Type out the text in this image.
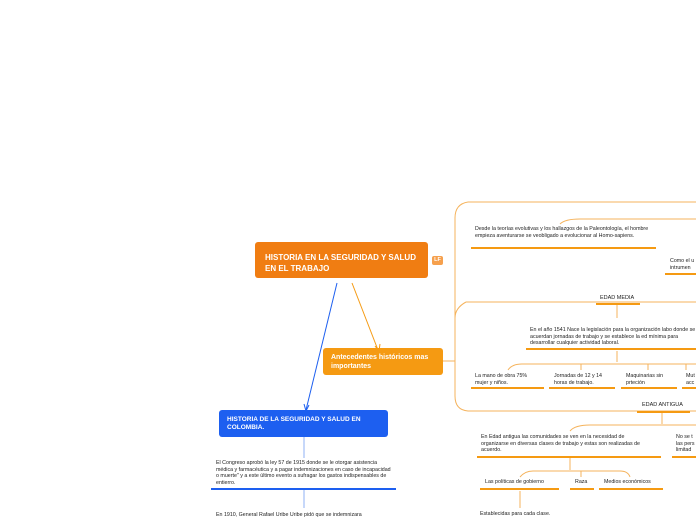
HISTORIA EN LA SEGURIDAD Y SALUD EN EL TRABAJO
LF
Antecedentes históricos mas importantes
HISTORIA DE LA SEGURIDAD Y SALUD EN COLOMBIA.
El Congreso aprobó la ley 57 de 1915 donde se le otorgar asistencia médica y farmacéutica y a pagar indemnizaciones en caso de incapacidad o muerte" y a este último evento a sufragar los gastos indispensables de entierro.
En 1910, General Rafael Uribe Uribe pidó que se indemnizara
Desde la teorías evolutivas y los hallazgos de la Paleontología, el hombre empieza aventurarse se veobligado a evolucionar al Homo-sapiens.
Como el u intrumen
EDAD MEDIA
En el año 1541 Nace la legislación para la organización labo donde se acuerdan jornadas de trabajo y se establece la ed mínima para desarrollar cualquier actividad laboral.
La mano de obra 75% mujer y niños.
Jornadas de 12 y 14 horas de trabajo.
Maquinarias sin prteción
Mut acc
EDAD ANTIGUA
En Edad antigua las comunidades se ven en la necesidad de organizarse en diversas clases de trabajo y estas son realizadas de acuerdo.
No se t las pers limitad
Las políticas de gobierno	Raza	Medios económicos
Establecidas para cada clase.
